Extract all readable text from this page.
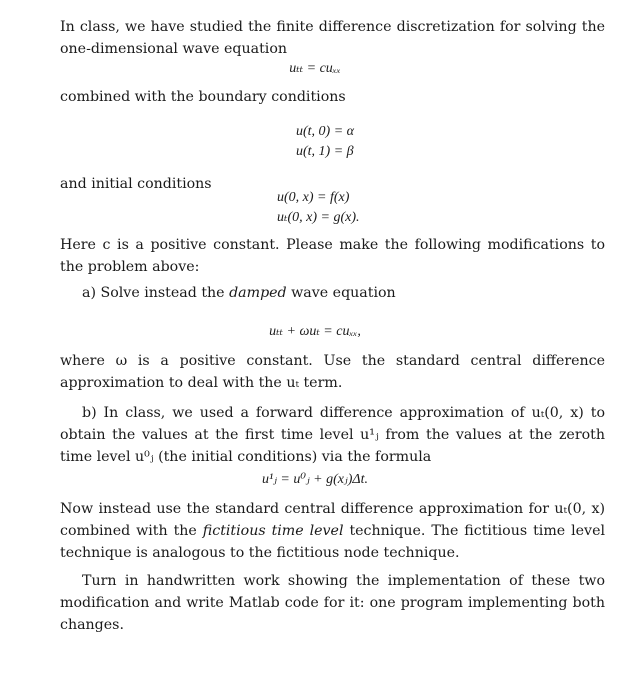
In class, we have studied the finite difference discretization for solving the one-dimensional wave equation

uₜₜ = cuₓₓ

combined with the boundary conditions

u(t, 0) = α
u(t, 1) = β

and initial conditions

u(0, x) = f(x)
uₜ(0, x) = g(x).

Here c is a positive constant. Please make the following modifications to the problem above:

a) Solve instead the damped wave equation

uₜₜ + ωuₜ = cuₓₓ,

where ω is a positive constant. Use the standard central difference approximation to deal with the uₜ term.

b) In class, we used a forward difference approximation of uₜ(0, x) to obtain the values at the first time level u¹ⱼ from the values at the zeroth time level u⁰ⱼ (the initial conditions) via the formula

u¹ⱼ = u⁰ⱼ + g(xⱼ)Δt.

Now instead use the standard central difference approximation for uₜ(0, x) combined with the fictitious time level technique. The fictitious time level technique is analogous to the fictitious node technique.

Turn in handwritten work showing the implementation of these two modification and write Matlab code for it: one program implementing both changes.
